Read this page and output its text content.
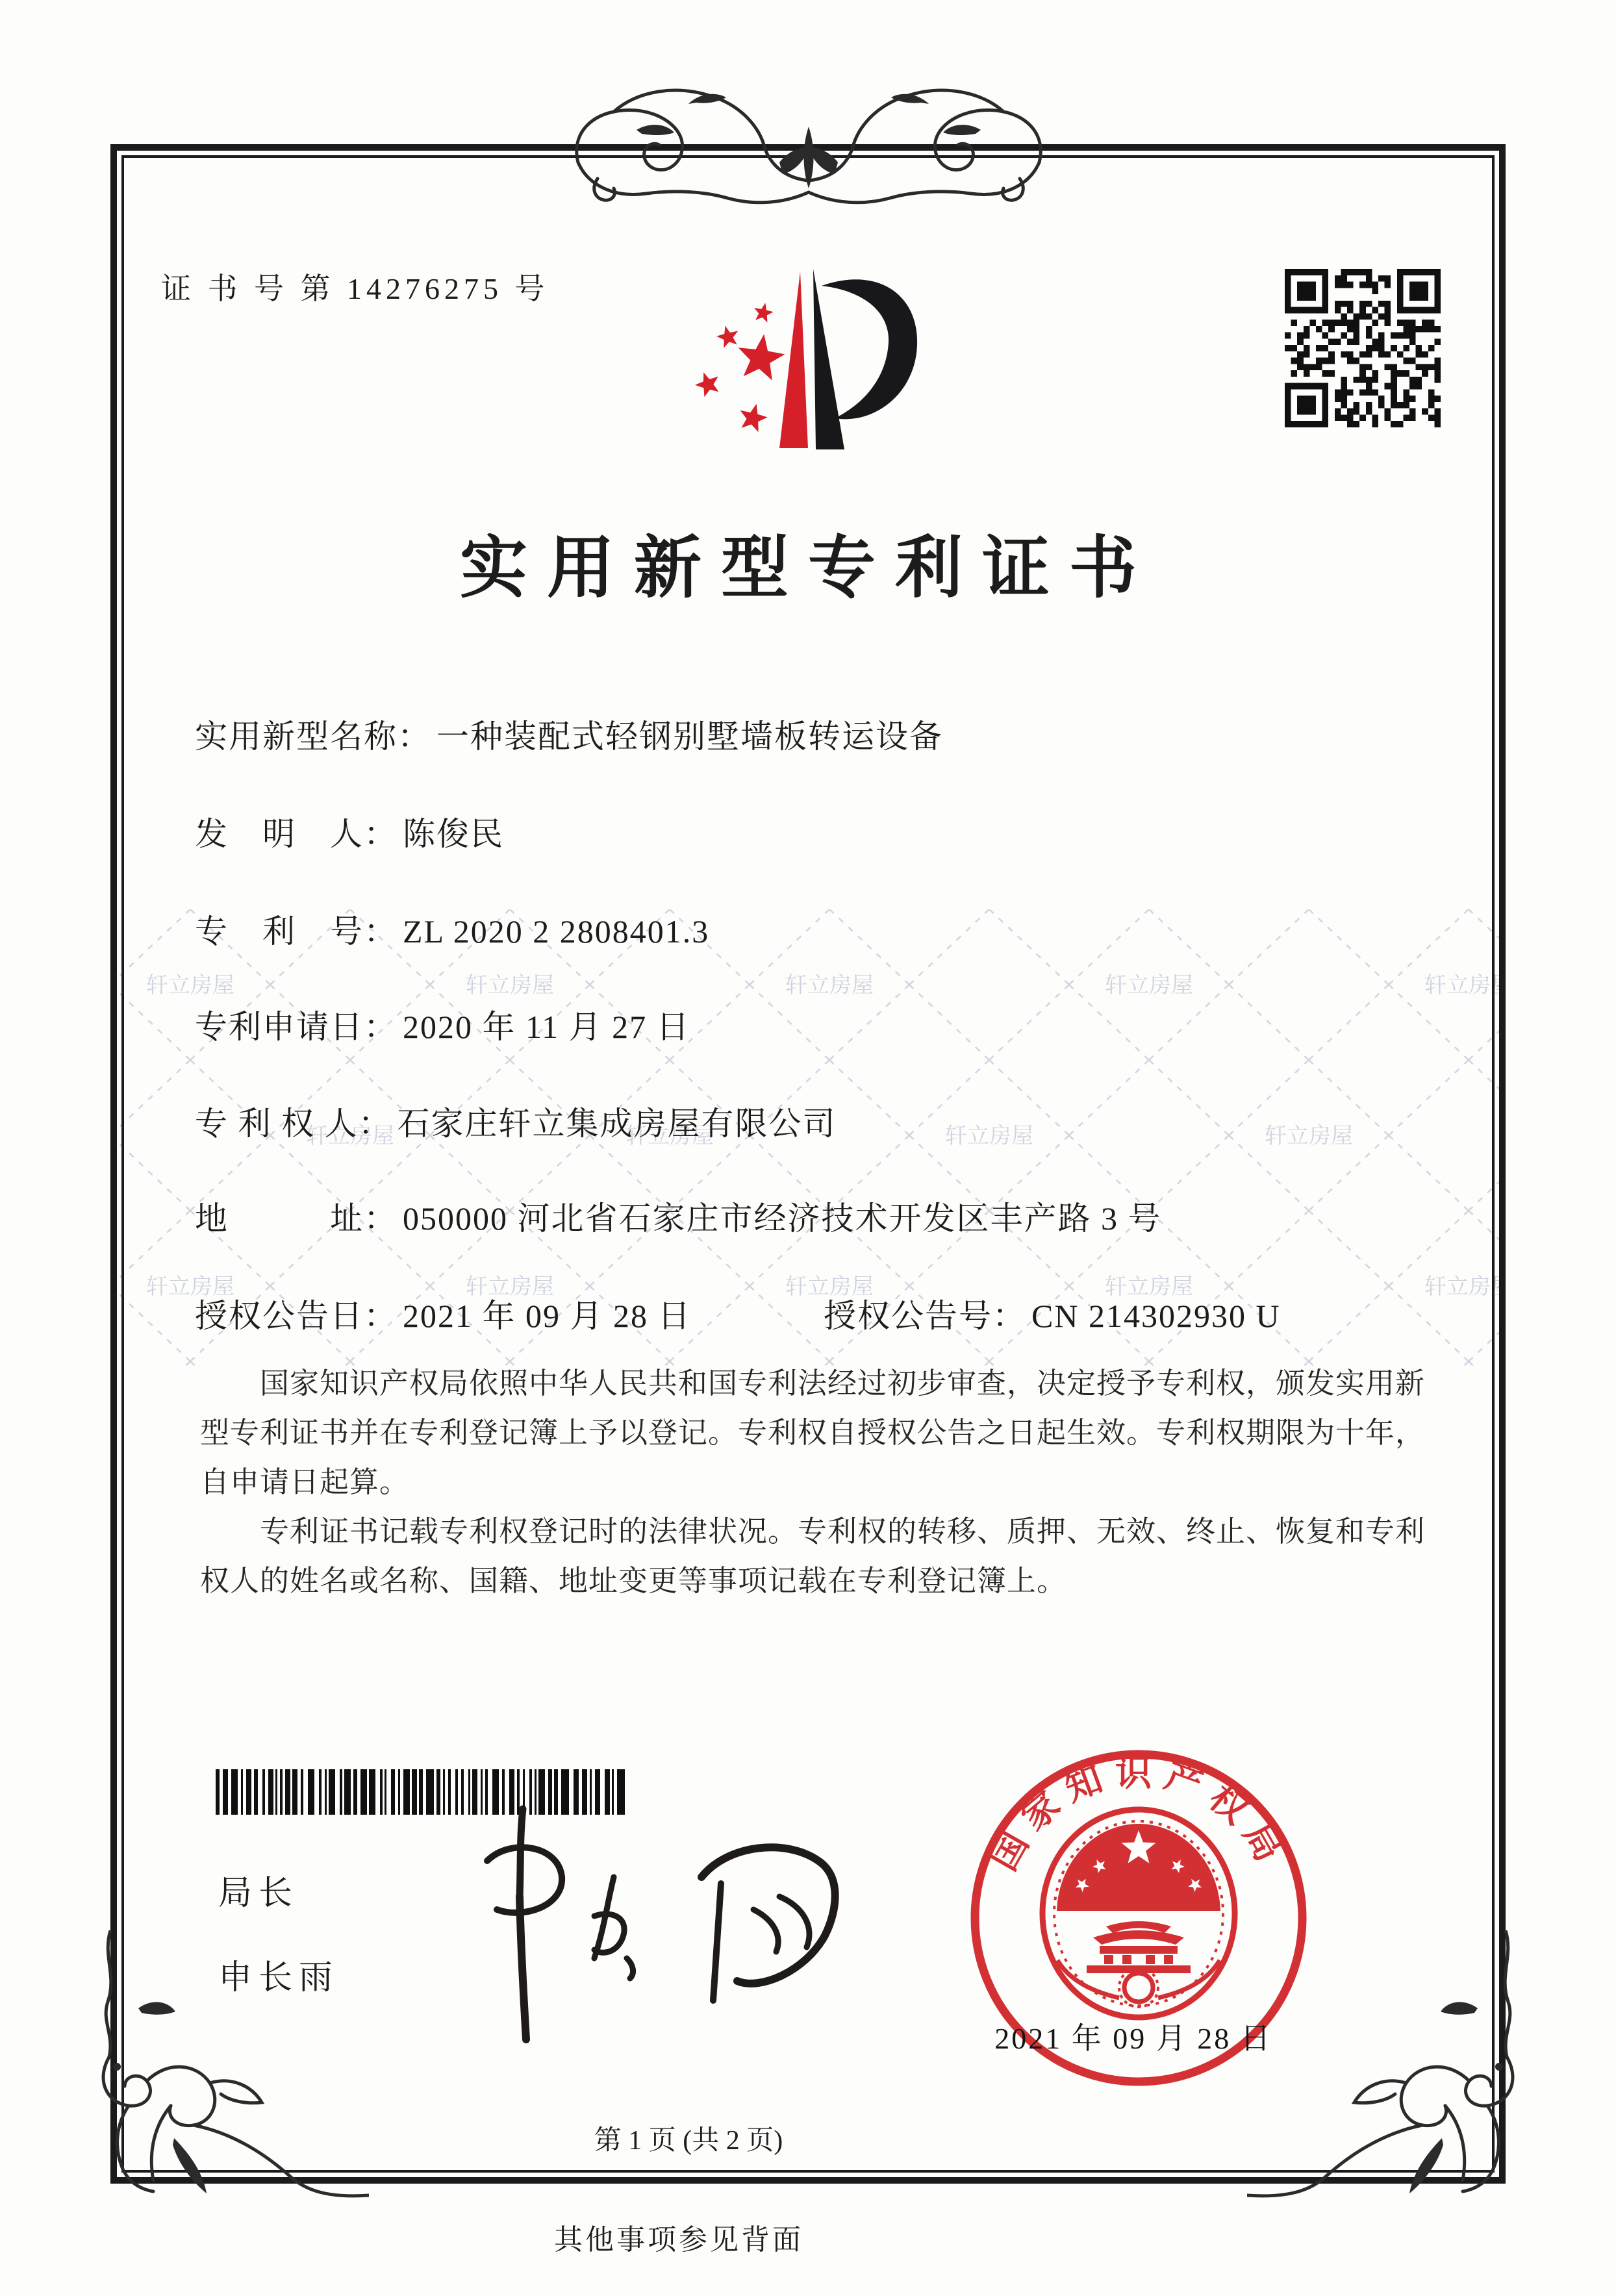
证 书 号 第 14276275 号
实用新型专利证书
实用新型名称： 一种装配式轻钢别墅墙板转运设备
发　明　人： 陈俊民
专　利　号： ZL 2020 2 2808401.3
专利申请日： 2020 年 11 月 27 日
专 利 权 人： 石家庄轩立集成房屋有限公司
地　　　址： 050000 河北省石家庄市经济技术开发区丰产路 3 号
授权公告日： 2021 年 09 月 28 日	授权公告号： CN 214302930 U

国家知识产权局依照中华人民共和国专利法经过初步审查，决定授予专利权，颁发实用新型专利证书并在专利登记簿上予以登记。专利权自授权公告之日起生效。专利权期限为十年，自申请日起算。

专利证书记载专利权登记时的法律状况。专利权的转移、质押、无效、终止、恢复和专利权人的姓名或名称、国籍、地址变更等事项记载在专利登记簿上。

局长
申长雨
国家知识产权局
2021 年 09 月 28 日
第 1 页 (共 2 页)
其他事项参见背面
